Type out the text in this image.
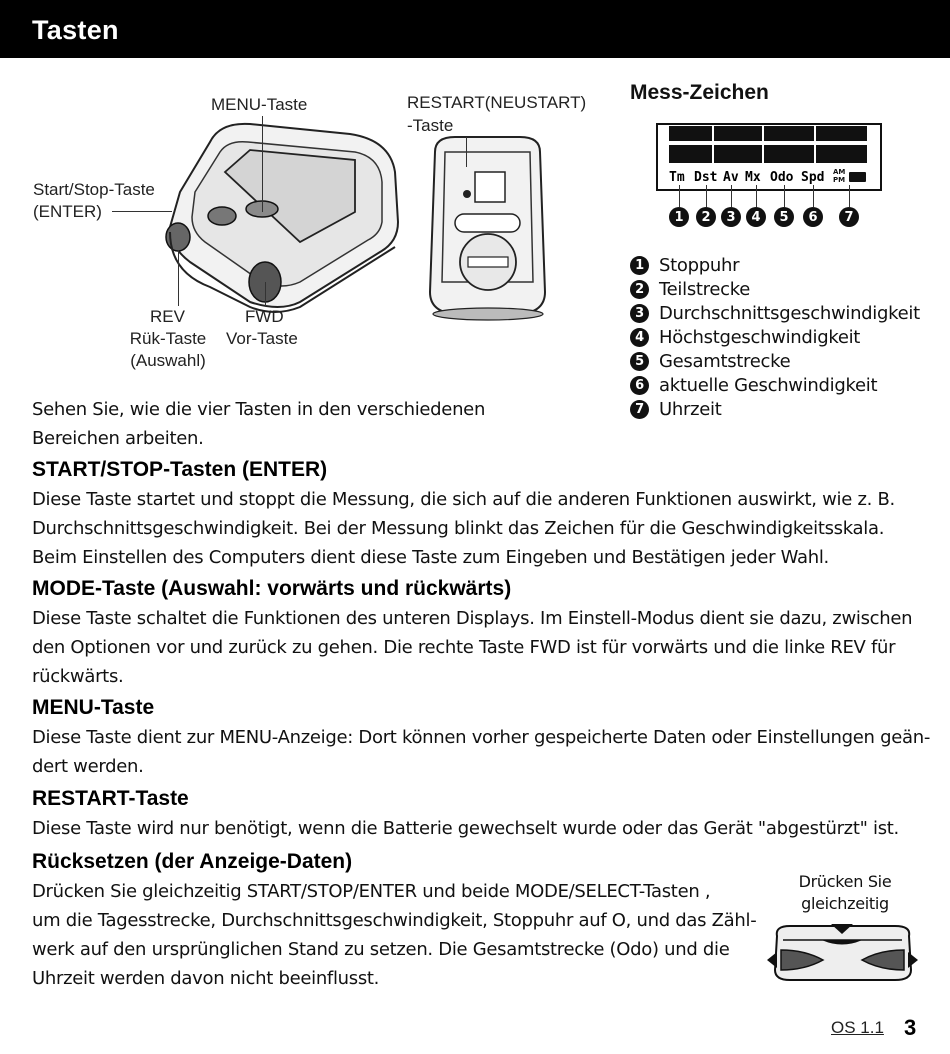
Tasten
MENU-Taste	RESTART(NEUSTART)
-Taste
Start/Stop-Taste
(ENTER)
REV
Rük-Taste
(Auswahl)
FWD
Vor-Taste
Mess-Zeichen
Tm Dst Av Mx Odo Spd AM
PM
1	2	3	4	5	6	7
1 Stoppuhr
2 Teilstrecke
3 Durchschnittsgeschwindigkeit
4 Höchstgeschwindigkeit
5 Gesamtstrecke
6 aktuelle Geschwindigkeit
7 Uhrzeit
Sehen Sie, wie die vier Tasten in den verschiedenen
Bereichen arbeiten.
START/STOP-Tasten (ENTER)
Diese Taste startet und stoppt die Messung, die sich auf die anderen Funktionen auswirkt, wie z. B.
Durchschnittsgeschwindigkeit. Bei der Messung blinkt das Zeichen für die Geschwindigkeitsskala.
Beim Einstellen des Computers dient diese Taste zum Eingeben und Bestätigen jeder Wahl.
MODE-Taste (Auswahl: vorwärts und rückwärts)
Diese Taste schaltet die Funktionen des unteren Displays. Im Einstell-Modus dient sie dazu, zwischen
den Optionen vor und zurück zu gehen. Die rechte Taste FWD ist für vorwärts und die linke REV für
rückwärts.
MENU-Taste
Diese Taste dient zur MENU-Anzeige: Dort können vorher gespeicherte Daten oder Einstellungen geän-
dert werden.
RESTART-Taste
Diese Taste wird nur benötigt, wenn die Batterie gewechselt wurde oder das Gerät "abgestürzt" ist.
Rücksetzen (der Anzeige-Daten)
Drücken Sie gleichzeitig START/STOP/ENTER und beide MODE/SELECT-Tasten ,
um die Tagesstrecke, Durchschnittsgeschwindigkeit, Stoppuhr auf O, und das Zähl-
werk auf den ursprünglichen Stand zu setzen. Die Gesamtstrecke (Odo) und die
Uhrzeit werden davon nicht beeinflusst.
Drücken Sie
gleichzeitig
OS 1.1 3
